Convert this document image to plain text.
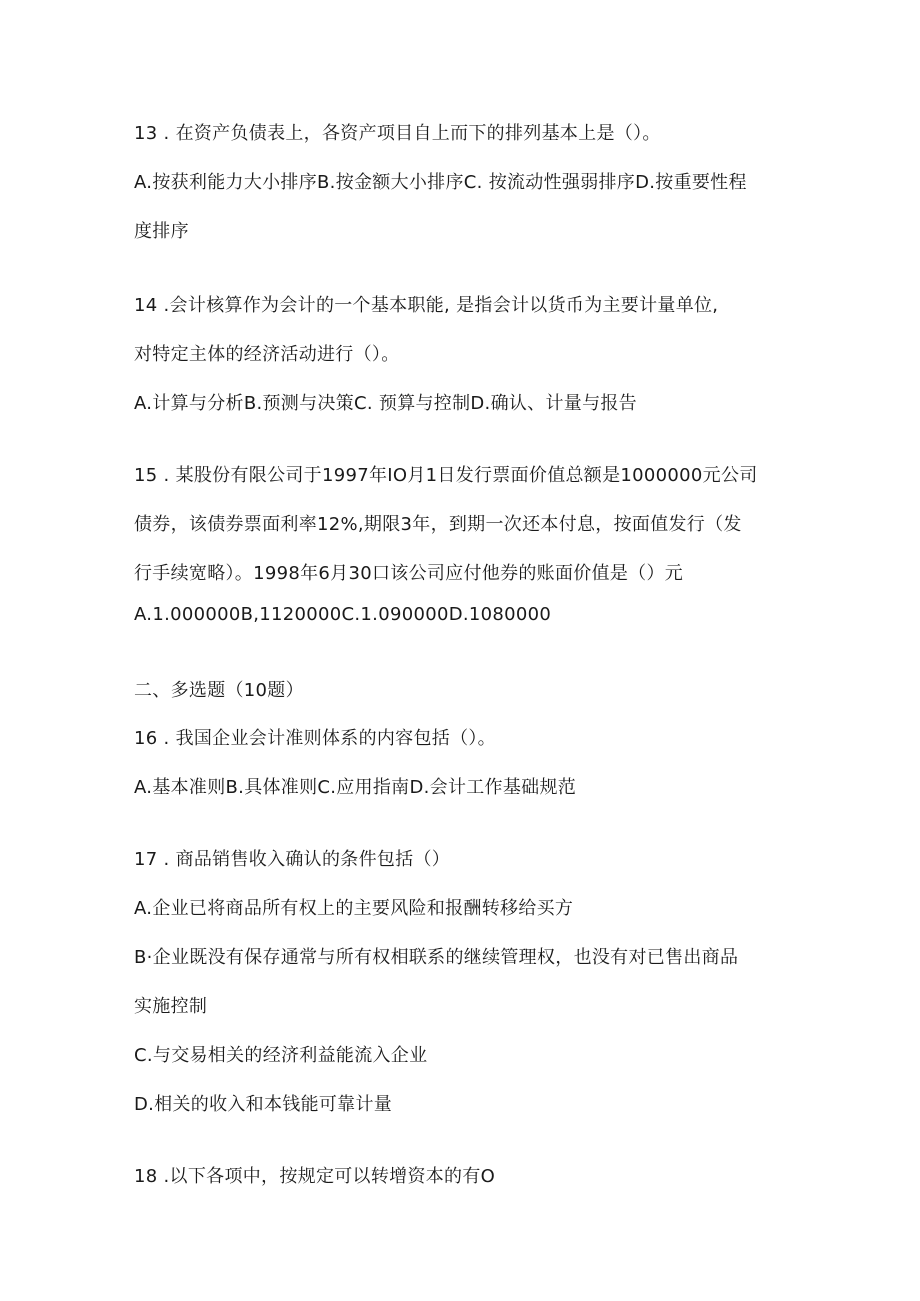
13 . 在资产负债表上，各资产项目自上而下的排列基本上是（）。
A.按获利能力大小排序B.按金额大小排序C. 按流动性强弱排序D.按重要性程
度排序
14 .会计核算作为会计的一个基本职能, 是指会计以货币为主要计量单位,
对特定主体的经济活动进行（）。
A.计算与分析B.预测与决策C. 预算与控制D.确认、计量与报告
15 . 某股份有限公司于1997年IO月1日发行票面价值总额是1000000元公司
债券，该债券票面利率12%,期限3年，到期一次还本付息，按面值发行（发
行手续宽略）。1998年6月30口该公司应付他券的账面价值是（）元
A.1.000000B,1120000C.1.090000D.1080000
二、多选题（10题）
16 . 我国企业会计准则体系的内容包括（）。
A.基本准则B.具体准则C.应用指南D.会计工作基础规范
17 . 商品销售收入确认的条件包括（）
A.企业已将商品所有权上的主要风险和报酬转移给买方
B·企业既没有保存通常与所有权相联系的继续管理权，也没有对已售出商品
实施控制
C.与交易相关的经济利益能流入企业
D.相关的收入和本钱能可靠计量
18 .以下各项中，按规定可以转增资本的有O
